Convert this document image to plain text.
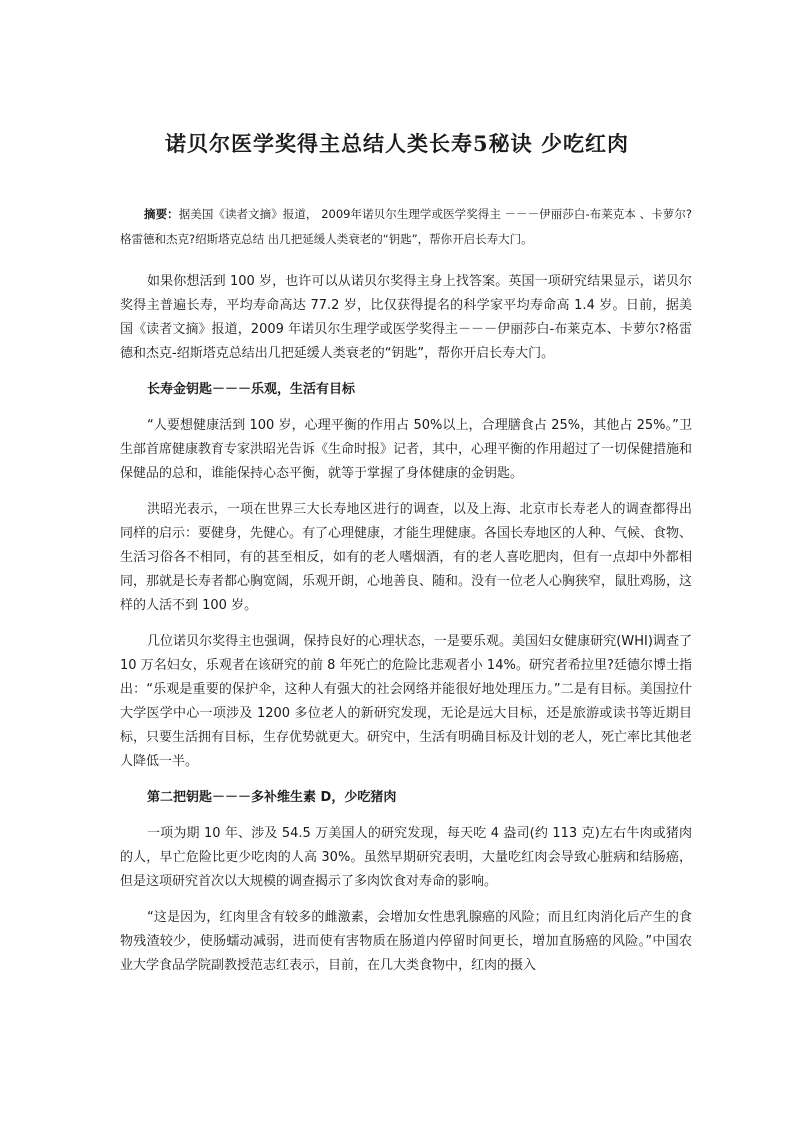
诺贝尔医学奖得主总结人类长寿5秘诀 少吃红肉

摘要：据美国《读者文摘》报道， 2009年诺贝尔生理学或医学奖得主 －－－伊丽莎白-布莱克本 、卡萝尔?格雷德和杰克?绍斯塔克总结 出几把延缓人类衰老的“钥匙”，帮你开启长寿大门。

如果你想活到 100 岁，也许可以从诺贝尔奖得主身上找答案。英国一项研究结果显示，诺贝尔奖得主普遍长寿，平均寿命高达 77.2 岁，比仅获得提名的科学家平均寿命高 1.4 岁。日前，据美国《读者文摘》报道，2009 年诺贝尔生理学或医学奖得主－－－伊丽莎白-布莱克本、卡萝尔?格雷德和杰克-绍斯塔克总结出几把延缓人类衰老的“钥匙”，帮你开启长寿大门。

长寿金钥匙－－－乐观，生活有目标

“人要想健康活到 100 岁，心理平衡的作用占 50%以上，合理膳食占 25%，其他占 25%。”卫生部首席健康教育专家洪昭光告诉《生命时报》记者，其中，心理平衡的作用超过了一切保健措施和保健品的总和，谁能保持心态平衡，就等于掌握了身体健康的金钥匙。

洪昭光表示，一项在世界三大长寿地区进行的调查，以及上海、北京市长寿老人的调查都得出同样的启示：要健身，先健心。有了心理健康，才能生理健康。各国长寿地区的人种、气候、食物、生活习俗各不相同，有的甚至相反，如有的老人嗜烟酒，有的老人喜吃肥肉，但有一点却中外都相同，那就是长寿者都心胸宽阔，乐观开朗，心地善良、随和。没有一位老人心胸狭窄，鼠肚鸡肠，这样的人活不到 100 岁。

几位诺贝尔奖得主也强调，保持良好的心理状态，一是要乐观。美国妇女健康研究(WHI)调查了 10 万名妇女，乐观者在该研究的前 8 年死亡的危险比悲观者小 14%。研究者希拉里?廷德尔博士指出：“乐观是重要的保护伞，这种人有强大的社会网络并能很好地处理压力。”二是有目标。美国拉什大学医学中心一项涉及 1200 多位老人的新研究发现，无论是远大目标，还是旅游或读书等近期目标，只要生活拥有目标，生存优势就更大。研究中，生活有明确目标及计划的老人，死亡率比其他老人降低一半。

第二把钥匙－－－多补维生素 D，少吃猪肉

一项为期 10 年、涉及 54.5 万美国人的研究发现，每天吃 4 盎司(约 113 克)左右牛肉或猪肉的人，早亡危险比更少吃肉的人高 30%。虽然早期研究表明，大量吃红肉会导致心脏病和结肠癌，但是这项研究首次以大规模的调查揭示了多肉饮食对寿命的影响。

“这是因为，红肉里含有较多的雌激素，会增加女性患乳腺癌的风险；而且红肉消化后产生的食物残渣较少，使肠蠕动减弱，进而使有害物质在肠道内停留时间更长，增加直肠癌的风险。”中国农业大学食品学院副教授范志红表示，目前，在几大类食物中，红肉的摄入
